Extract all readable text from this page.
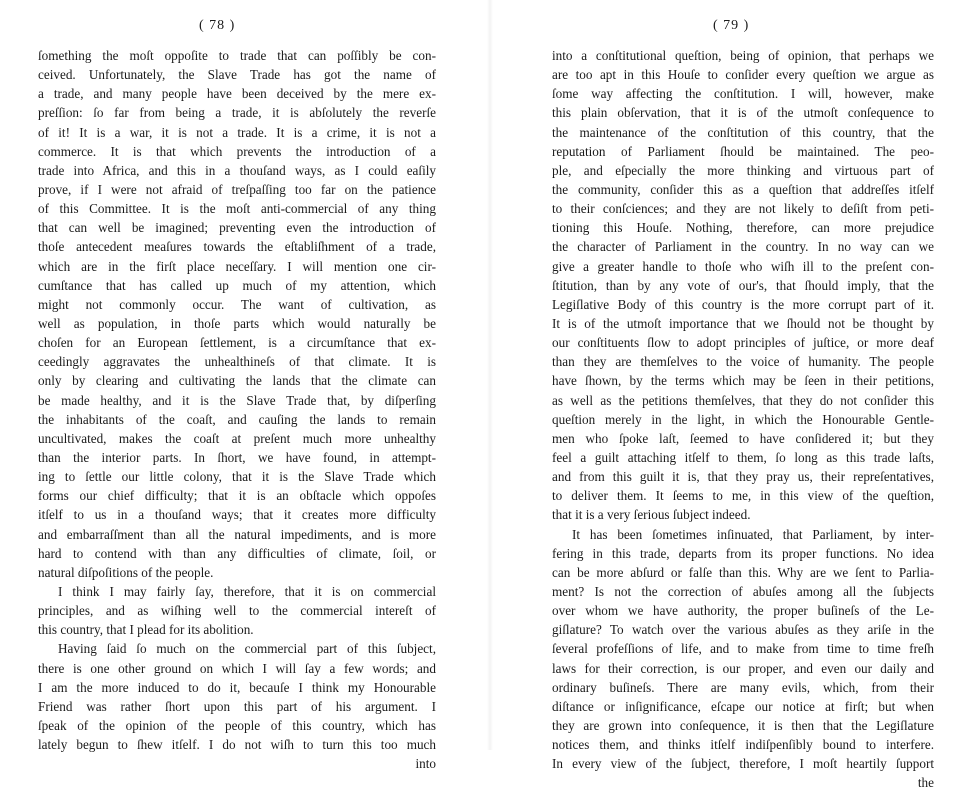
( 78 )
ſomething the moſt oppoſite to trade that can poſſibly be con-
ceived. Unfortunately, the Slave Trade has got the name of
a trade, and many people have been deceived by the mere ex-
preſſion: ſo far from being a trade, it is abſolutely the reverſe
of it! It is a war, it is not a trade. It is a crime, it is not a
commerce. It is that which prevents the introduction of a
trade into Africa, and this in a thouſand ways, as I could eaſily
prove, if I were not afraid of treſpaſſing too far on the patience
of this Committee. It is the moſt anti-commercial of any thing
that can well be imagined; preventing even the introduction of
thoſe antecedent meaſures towards the eſtabliſhment of a trade,
which are in the firſt place neceſſary. I will mention one cir-
cumſtance that has called up much of my attention, which
might not commonly occur. The want of cultivation, as
well as population, in thoſe parts which would naturally be
choſen for an European ſettlement, is a circumſtance that ex-
ceedingly aggravates the unhealthineſs of that climate. It is
only by clearing and cultivating the lands that the climate can
be made healthy, and it is the Slave Trade that, by diſperſing
the inhabitants of the coaſt, and cauſing the lands to remain
uncultivated, makes the coaſt at preſent much more unhealthy
than the interior parts. In ſhort, we have found, in attempt-
ing to ſettle our little colony, that it is the Slave Trade which
forms our chief difficulty; that it is an obſtacle which oppoſes
itſelf to us in a thouſand ways; that it creates more difficulty
and embarraſſment than all the natural impediments, and is more
hard to contend with than any difficulties of climate, ſoil, or
natural diſpoſitions of the people.
I think I may fairly ſay, therefore, that it is on commercial
principles, and as wiſhing well to the commercial intereſt of
this country, that I plead for its abolition.
Having ſaid ſo much on the commercial part of this ſubject,
there is one other ground on which I will ſay a few words; and
I am the more induced to do it, becauſe I think my Honourable
Friend was rather ſhort upon this part of his argument. I
ſpeak of the opinion of the people of this country, which has
lately begun to ſhew itſelf. I do not wiſh to turn this too much
into
( 79 )
into a conſtitutional queſtion, being of opinion, that perhaps we
are too apt in this Houſe to conſider every queſtion we argue as
ſome way affecting the conſtitution. I will, however, make
this plain obſervation, that it is of the utmoſt conſequence to
the maintenance of the conſtitution of this country, that the
reputation of Parliament ſhould be maintained. The peo-
ple, and eſpecially the more thinking and virtuous part of
the community, conſider this as a queſtion that addreſſes itſelf
to their conſciences; and they are not likely to deſiſt from peti-
tioning this Houſe. Nothing, therefore, can more prejudice
the character of Parliament in the country. In no way can we
give a greater handle to thoſe who wiſh ill to the preſent con-
ſtitution, than by any vote of our's, that ſhould imply, that the
Legiſlative Body of this country is the more corrupt part of it.
It is of the utmoſt importance that we ſhould not be thought by
our conſtituents ſlow to adopt principles of juſtice, or more deaf
than they are themſelves to the voice of humanity. The people
have ſhown, by the terms which may be ſeen in their petitions,
as well as the petitions themſelves, that they do not conſider this
queſtion merely in the light, in which the Honourable Gentle-
men who ſpoke laſt, ſeemed to have conſidered it; but they
feel a guilt attaching itſelf to them, ſo long as this trade laſts,
and from this guilt it is, that they pray us, their repreſentatives,
to deliver them. It ſeems to me, in this view of the queſtion,
that it is a very ſerious ſubject indeed.
It has been ſometimes inſinuated, that Parliament, by inter-
fering in this trade, departs from its proper functions. No idea
can be more abſurd or falſe than this. Why are we ſent to Parlia-
ment? Is not the correction of abuſes among all the ſubjects
over whom we have authority, the proper buſineſs of the Le-
giſlature? To watch over the various abuſes as they ariſe in the
ſeveral profeſſions of life, and to make from time to time freſh
laws for their correction, is our proper, and even our daily and
ordinary buſineſs. There are many evils, which, from their
diſtance or inſignificance, eſcape our notice at firſt; but when
they are grown into conſequence, it is then that the Legiſlature
notices them, and thinks itſelf indiſpenſibly bound to interfere.
In every view of the ſubject, therefore, I moſt heartily ſupport
the
